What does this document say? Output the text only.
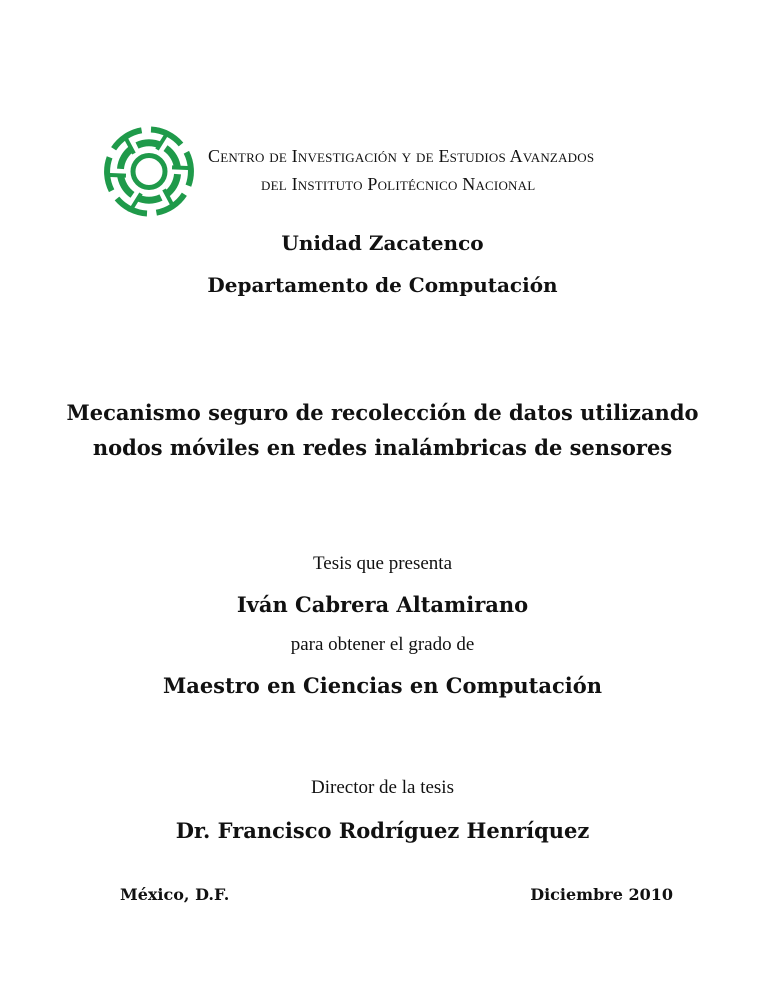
Centro de Investigación y de Estudios Avanzados
del Instituto Politécnico Nacional
Unidad Zacatenco
Departamento de Computación
Mecanismo seguro de recolección de datos utilizando
nodos móviles en redes inalámbricas de sensores
Tesis que presenta
Iván Cabrera Altamirano
para obtener el grado de
Maestro en Ciencias en Computación
Director de la tesis
Dr. Francisco Rodríguez Henríquez
México, D.F.	Diciembre 2010
